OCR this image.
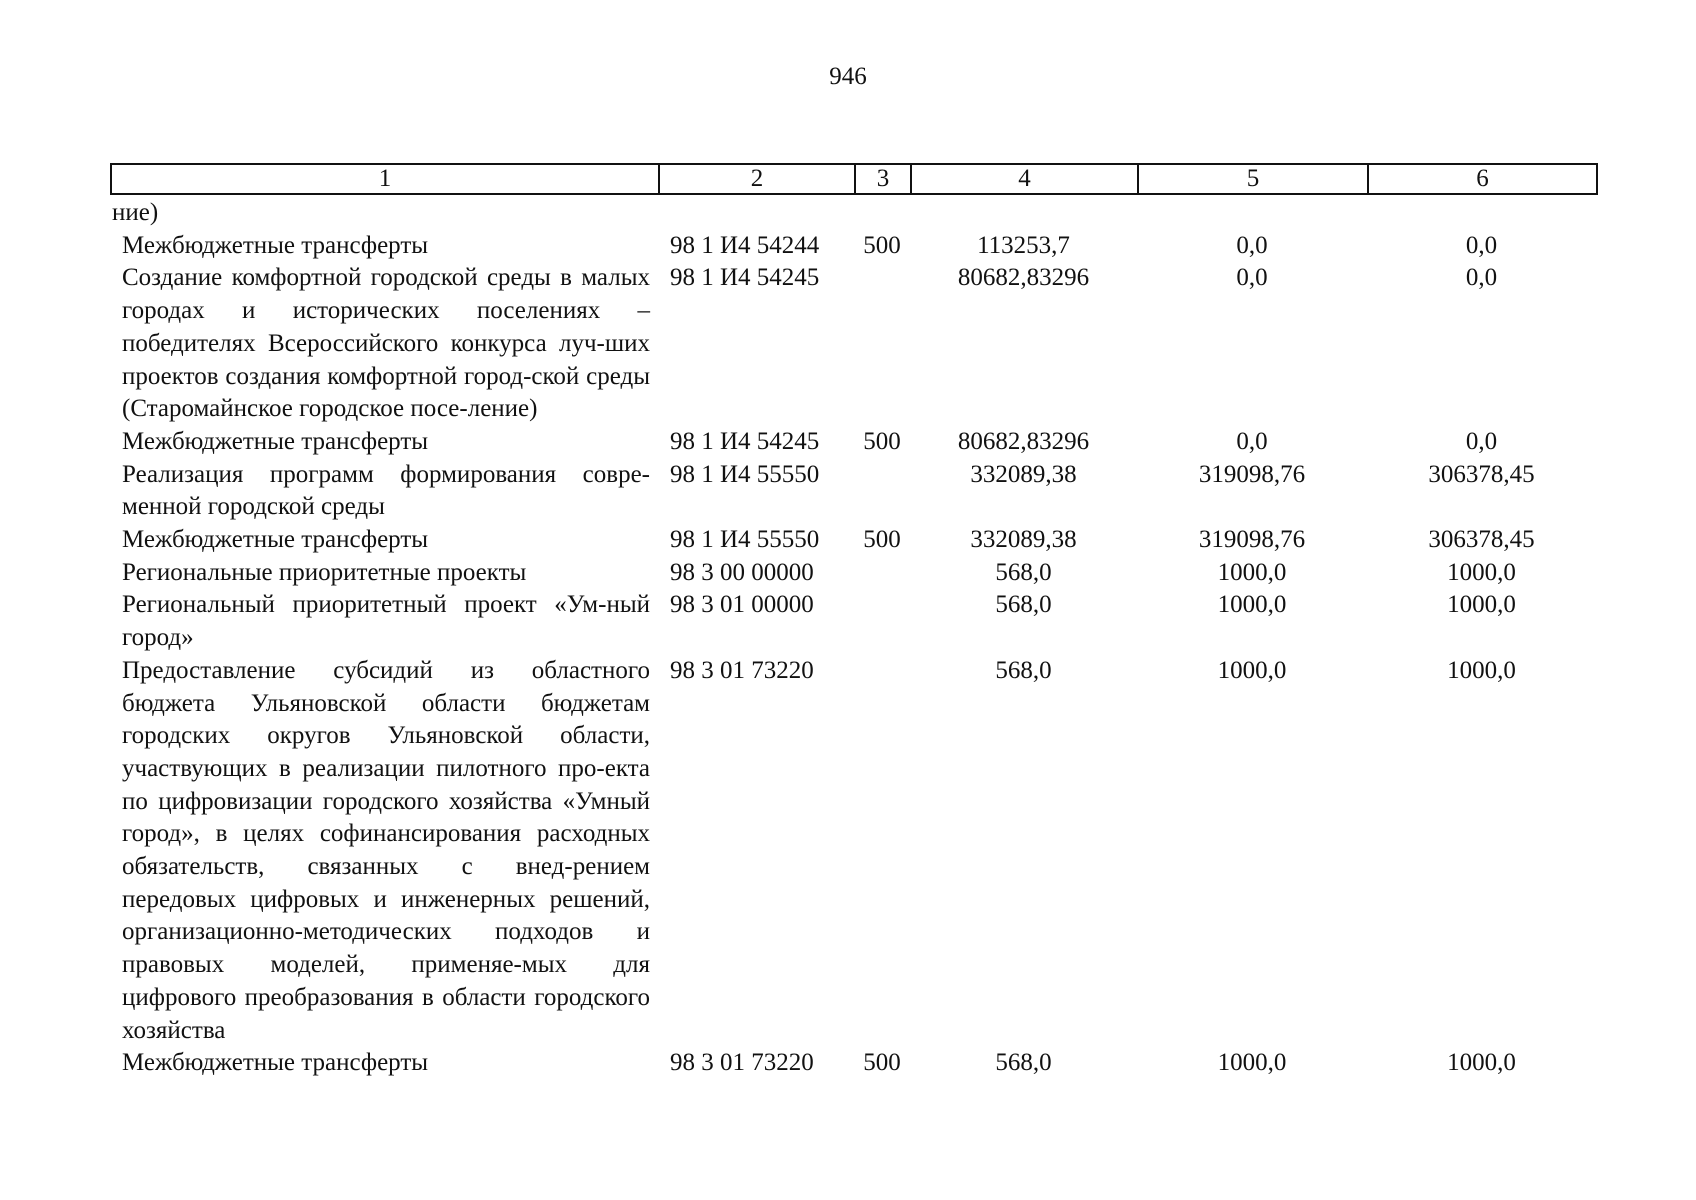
946
1	2	3	4	5	6
ние)					
Межбюджетные трансферты	98 1 И4 54244	500	113253,7	0,0	0,0
Создание комфортной городской среды в малых городах и исторических поселениях – победителях Всероссийского конкурса луч-ших проектов создания комфортной город-ской среды (Старомайнское городское посе-ление)	98 1 И4 54245		80682,83296	0,0	0,0
Межбюджетные трансферты	98 1 И4 54245	500	80682,83296	0,0	0,0
Реализация программ формирования совре-менной городской среды	98 1 И4 55550		332089,38	319098,76	306378,45
Межбюджетные трансферты	98 1 И4 55550	500	332089,38	319098,76	306378,45
Региональные приоритетные проекты	98 3 00 00000		568,0	1000,0	1000,0
Региональный приоритетный проект «Ум-ный город»	98 3 01 00000		568,0	1000,0	1000,0
Предоставление субсидий из областного бюджета Ульяновской области бюджетам городских округов Ульяновской области, участвующих в реализации пилотного про-екта по цифровизации городского хозяйства «Умный город», в целях софинансирования расходных обязательств, связанных с внед-рением передовых цифровых и инженерных решений, организационно-методических подходов и правовых моделей, применяе-мых для цифрового преобразования в области городского хозяйства	98 3 01 73220		568,0	1000,0	1000,0
Межбюджетные трансферты	98 3 01 73220	500	568,0	1000,0	1000,0
